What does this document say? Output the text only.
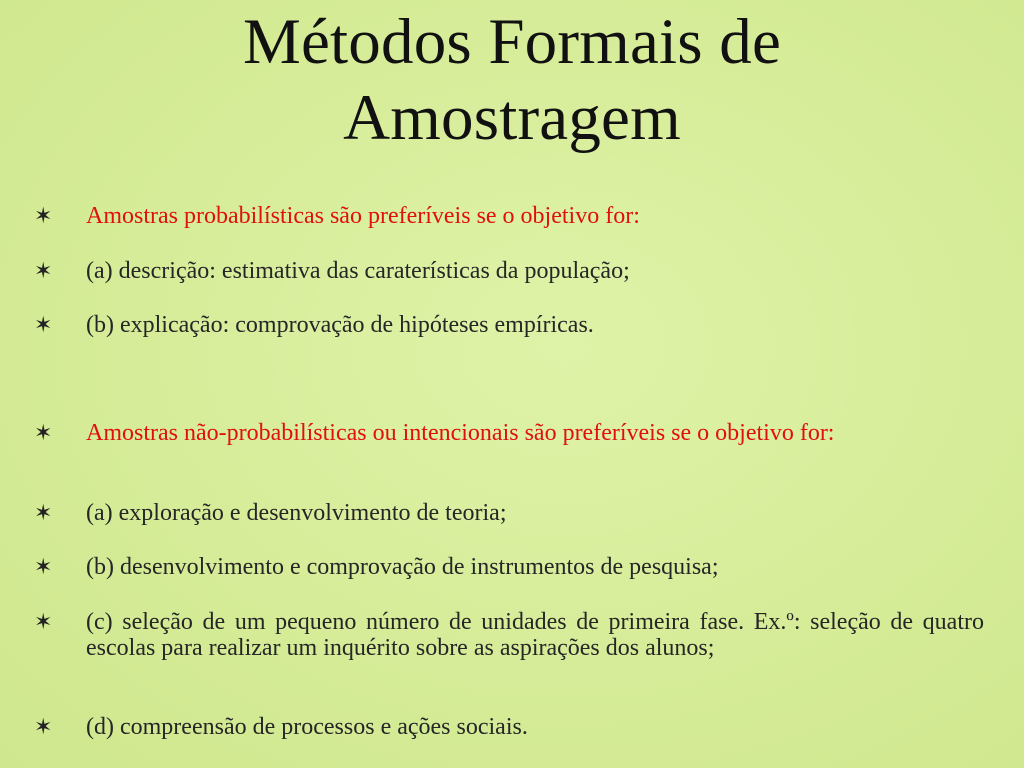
Métodos Formais de
Amostragem
✶ Amostras probabilísticas são preferíveis se o objetivo for:
✶ (a) descrição: estimativa das caraterísticas da população;
✶ (b) explicação: comprovação de hipóteses empíricas.
✶ Amostras não-probabilísticas ou intencionais são preferíveis se o objetivo for:
✶ (a) exploração e desenvolvimento de teoria;
✶ (b) desenvolvimento e comprovação de instrumentos de pesquisa;
✶ (c) seleção de um pequeno número de unidades de primeira fase. Ex.º: seleção de quatro escolas para realizar um inquérito sobre as aspirações dos alunos;
✶ (d) compreensão de processos e ações sociais.
